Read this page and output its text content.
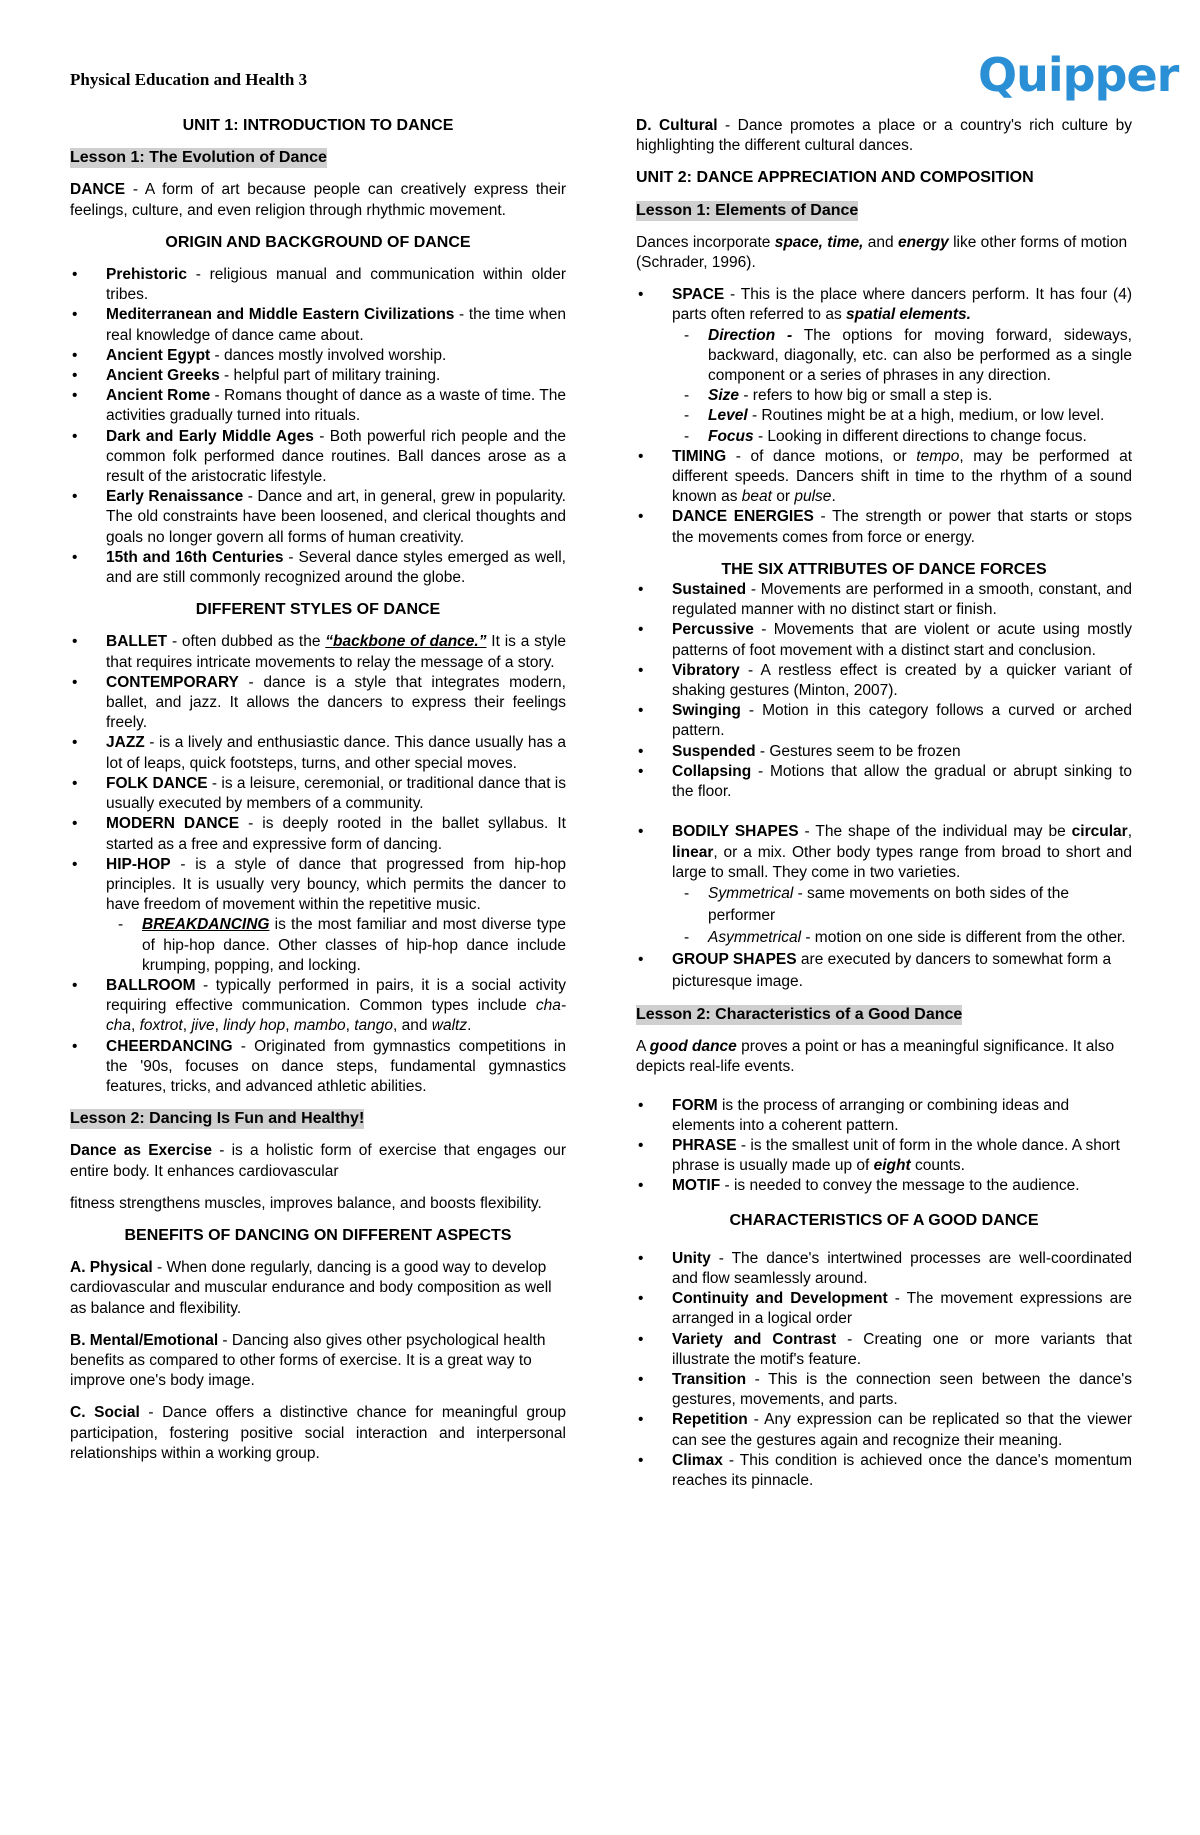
Physical Education and Health 3	Quipper
UNIT 1: INTRODUCTION TO DANCE
Lesson 1: The Evolution of Dance

DANCE - A form of art because people can creatively express their feelings, culture, and even religion through rhythmic movement.

ORIGIN AND BACKGROUND OF DANCE
• Prehistoric - religious manual and communication within older tribes.
• Mediterranean and Middle Eastern Civilizations - the time when real knowledge of dance came about.
• Ancient Egypt - dances mostly involved worship.
• Ancient Greeks - helpful part of military training.
• Ancient Rome - Romans thought of dance as a waste of time. The activities gradually turned into rituals.
• Dark and Early Middle Ages - Both powerful rich people and the common folk performed dance routines. Ball dances arose as a result of the aristocratic lifestyle.
• Early Renaissance - Dance and art, in general, grew in popularity. The old constraints have been loosened, and clerical thoughts and goals no longer govern all forms of human creativity.
• 15th and 16th Centuries - Several dance styles emerged as well, and are still commonly recognized around the globe.
DIFFERENT STYLES OF DANCE
• BALLET - often dubbed as the “backbone of dance.” It is a style that requires intricate movements to relay the message of a story.
• CONTEMPORARY - dance is a style that integrates modern, ballet, and jazz. It allows the dancers to express their feelings freely.
• JAZZ - is a lively and enthusiastic dance. This dance usually has a lot of leaps, quick footsteps, turns, and other special moves.
• FOLK DANCE - is a leisure, ceremonial, or traditional dance that is usually executed by members of a community.
• MODERN DANCE - is deeply rooted in the ballet syllabus. It started as a free and expressive form of dancing.
• HIP-HOP - is a style of dance that progressed from hip-hop principles. It is usually very bouncy, which permits the dancer to have freedom of movement within the repetitive music.
- BREAKDANCING is the most familiar and most diverse type of hip-hop dance. Other classes of hip-hop dance include krumping, popping, and locking.
• BALLROOM - typically performed in pairs, it is a social activity requiring effective communication. Common types include cha-cha, foxtrot, jive, lindy hop, mambo, tango, and waltz.
• CHEERDANCING - Originated from gymnastics competitions in the '90s, focuses on dance steps, fundamental gymnastics features, tricks, and advanced athletic abilities.
Lesson 2: Dancing Is Fun and Healthy!

Dance as Exercise - is a holistic form of exercise that engages our entire body. It enhances cardiovascular

fitness strengthens muscles, improves balance, and boosts flexibility.

BENEFITS OF DANCING ON DIFFERENT ASPECTS

A. Physical - When done regularly, dancing is a good way to develop cardiovascular and muscular endurance and body composition as well as balance and flexibility.

B. Mental/Emotional - Dancing also gives other psychological health benefits as compared to other forms of exercise. It is a great way to improve one's body image.

C. Social - Dance offers a distinctive chance for meaningful group participation, fostering positive social interaction and interpersonal relationships within a working group.

D. Cultural - Dance promotes a place or a country's rich culture by highlighting the different cultural dances.

UNIT 2: DANCE APPRECIATION AND COMPOSITION
Lesson 1: Elements of Dance

Dances incorporate space, time, and energy like other forms of motion (Schrader, 1996).

• SPACE - This is the place where dancers perform. It has four (4) parts often referred to as spatial elements.
- Direction - The options for moving forward, sideways, backward, diagonally, etc. can also be performed as a single component or a series of phrases in any direction.
- Size - refers to how big or small a step is.
- Level - Routines might be at a high, medium, or low level.
- Focus - Looking in different directions to change focus.
• TIMING - of dance motions, or tempo, may be performed at different speeds. Dancers shift in time to the rhythm of a sound known as beat or pulse.
• DANCE ENERGIES - The strength or power that starts or stops the movements comes from force or energy.
THE SIX ATTRIBUTES OF DANCE FORCES
• Sustained - Movements are performed in a smooth, constant, and regulated manner with no distinct start or finish.
• Percussive - Movements that are violent or acute using mostly patterns of foot movement with a distinct start and conclusion.
• Vibratory - A restless effect is created by a quicker variant of shaking gestures (Minton, 2007).
• Swinging - Motion in this category follows a curved or arched pattern.
• Suspended - Gestures seem to be frozen
• Collapsing - Motions that allow the gradual or abrupt sinking to the floor.
• BODILY SHAPES - The shape of the individual may be circular, linear, or a mix. Other body types range from broad to short and large to small. They come in two varieties.
- Symmetrical - same movements on both sides of the performer
- Asymmetrical - motion on one side is different from the other.
• GROUP SHAPES are executed by dancers to somewhat form a picturesque image.
Lesson 2: Characteristics of a Good Dance

A good dance proves a point or has a meaningful significance. It also depicts real-life events.

• FORM is the process of arranging or combining ideas and elements into a coherent pattern.
• PHRASE - is the smallest unit of form in the whole dance. A short phrase is usually made up of eight counts.
• MOTIF - is needed to convey the message to the audience.
CHARACTERISTICS OF A GOOD DANCE
• Unity - The dance's intertwined processes are well-coordinated and flow seamlessly around.
• Continuity and Development - The movement expressions are arranged in a logical order
• Variety and Contrast - Creating one or more variants that illustrate the motif's feature.
• Transition - This is the connection seen between the dance's gestures, movements, and parts.
• Repetition - Any expression can be replicated so that the viewer can see the gestures again and recognize their meaning.
• Climax - This condition is achieved once the dance's momentum reaches its pinnacle.
